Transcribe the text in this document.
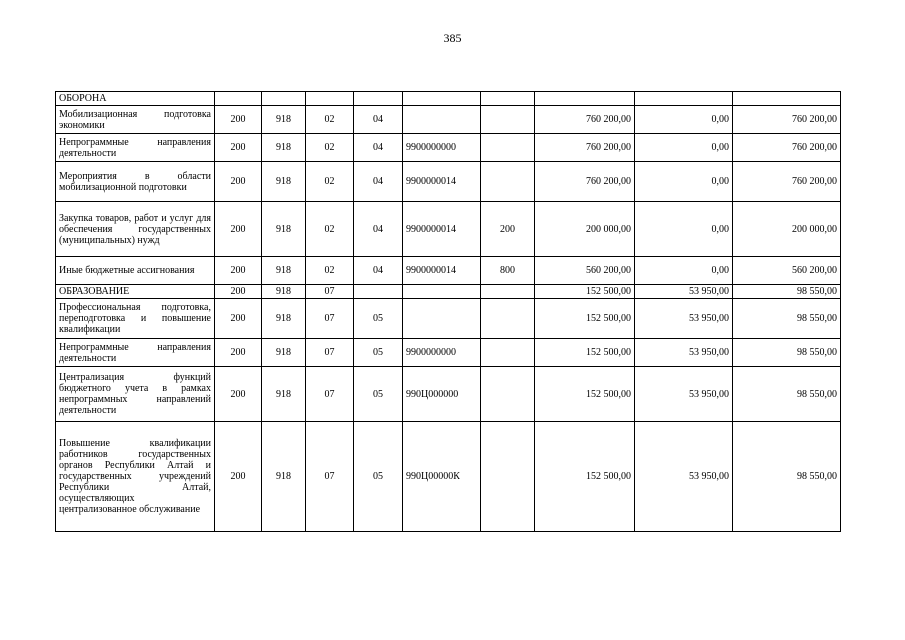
385
ОБОРОНА									
Мобилизационная подготовка экономики	200	918	02	04			760 200,00	0,00	760 200,00
Непрограммные направления деятельности	200	918	02	04	9900000000		760 200,00	0,00	760 200,00
Мероприятия в области мобилизационной подготовки	200	918	02	04	9900000014		760 200,00	0,00	760 200,00
Закупка товаров, работ и услуг для обеспечения государственных (муниципальных) нужд	200	918	02	04	9900000014	200	200 000,00	0,00	200 000,00
Иные бюджетные ассигнования	200	918	02	04	9900000014	800	560 200,00	0,00	560 200,00
ОБРАЗОВАНИЕ	200	918	07				152 500,00	53 950,00	98 550,00
Профессиональная подготовка, переподготовка и повышение квалификации	200	918	07	05			152 500,00	53 950,00	98 550,00
Непрограммные направления деятельности	200	918	07	05	9900000000		152 500,00	53 950,00	98 550,00
Централизация функций бюджетного учета в рамках непрограммных направлений деятельности	200	918	07	05	990Ц000000		152 500,00	53 950,00	98 550,00
Повышение квалификации работников государственных органов Республики Алтай и государственных учреждений Республики Алтай, осуществляющих централизованное обслуживание	200	918	07	05	990Ц00000К		152 500,00	53 950,00	98 550,00
